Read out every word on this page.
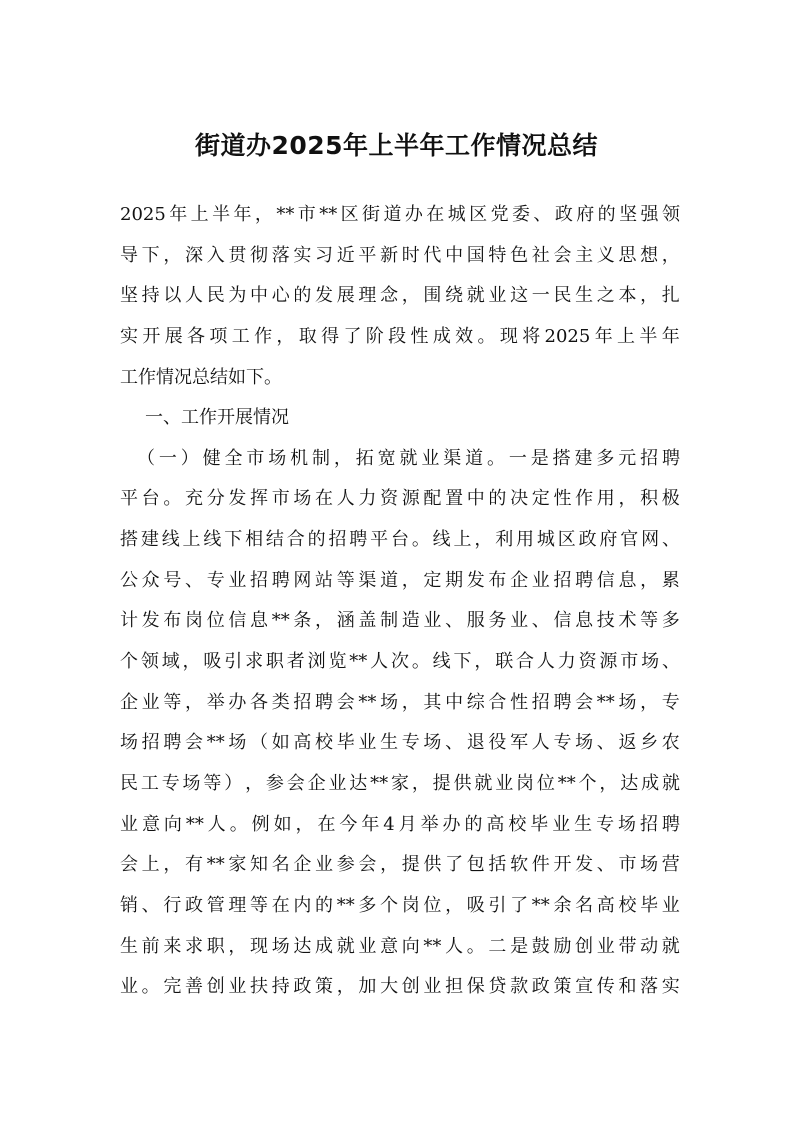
街道办2025年上半年工作情况总结
2025 年 上 半 年 ， ** 市 ** 区 街 道 办 在 城 区 党 委 、 政 府 的 坚 强 领
导 下 ， 深 入 贯 彻 落 实 习 近 平 新 时 代 中 国 特 色 社 会 主 义 思 想 ，
坚 持 以 人 民 为 中 心 的 发 展 理 念 ， 围 绕 就 业 这 一 民 生 之 本 ， 扎
实 开 展 各 项 工 作 ， 取 得 了 阶 段 性 成 效 。 现 将 2025 年 上 半 年
工作情况总结如下。
一、工作开展情况
（ 一 ） 健 全 市 场 机 制 ， 拓 宽 就 业 渠 道 。 一 是 搭 建 多 元 招 聘
平 台 。 充 分 发 挥 市 场 在 人 力 资 源 配 置 中 的 决 定 性 作 用 ， 积 极
搭 建 线 上 线 下 相 结 合 的 招 聘 平 台 。 线 上 ， 利 用 城 区 政 府 官 网 、
公 众 号 、 专 业 招 聘 网 站 等 渠 道 ， 定 期 发 布 企 业 招 聘 信 息 ， 累
计 发 布 岗 位 信 息 ** 条 ， 涵 盖 制 造 业 、 服 务 业 、 信 息 技 术 等 多
个 领 域 ， 吸 引 求 职 者 浏 览 ** 人 次 。 线 下 ， 联 合 人 力 资 源 市 场 、
企 业 等 ， 举 办 各 类 招 聘 会 ** 场 ， 其 中 综 合 性 招 聘 会 ** 场 ， 专
场 招 聘 会 ** 场 （ 如 高 校 毕 业 生 专 场 、 退 役 军 人 专 场 、 返 乡 农
民 工 专 场 等 ） ， 参 会 企 业 达 ** 家 ， 提 供 就 业 岗 位 ** 个 ， 达 成 就
业 意 向 ** 人 。 例 如 ， 在 今 年 4 月 举 办 的 高 校 毕 业 生 专 场 招 聘
会 上 ， 有 ** 家 知 名 企 业 参 会 ， 提 供 了 包 括 软 件 开 发 、 市 场 营
销 、 行 政 管 理 等 在 内 的 ** 多 个 岗 位 ， 吸 引 了 ** 余 名 高 校 毕 业
生 前 来 求 职 ， 现 场 达 成 就 业 意 向 ** 人 。 二 是 鼓 励 创 业 带 动 就
业 。 完 善 创 业 扶 持 政 策 ， 加 大 创 业 担 保 贷 款 政 策 宣 传 和 落 实
